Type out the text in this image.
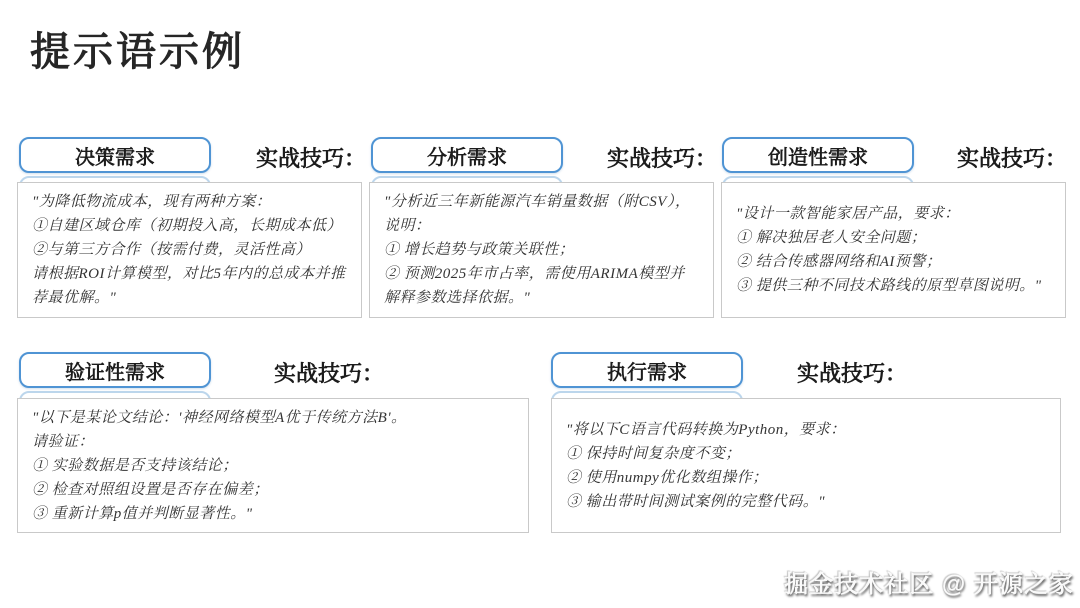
提示语示例
决策需求	实战技巧：

"为降低物流成本，现有两种方案：

①自建区域仓库（初期投入高，长期成本低）

②与第三方合作（按需付费，灵活性高）

请根据ROI计算模型，对比5年内的总成本并推荐最优解。"

分析需求	实战技巧：

"分析近三年新能源汽车销量数据（附CSV），说明：

① 增长趋势与政策关联性；

② 预测2025年市占率，需使用ARIMA模型并解释参数选择依据。"

创造性需求	实战技巧：

"设计一款智能家居产品，要求：

① 解决独居老人安全问题；

② 结合传感器网络和AI预警；

③ 提供三种不同技术路线的原型草图说明。"

验证性需求	实战技巧：

"以下是某论文结论：'神经网络模型A优于传统方法B'。

请验证：

① 实验数据是否支持该结论；

② 检查对照组设置是否存在偏差；

③ 重新计算p值并判断显著性。"

执行需求	实战技巧：

"将以下C语言代码转换为Python，要求：

① 保持时间复杂度不变；

② 使用numpy优化数组操作；

③ 输出带时间测试案例的完整代码。"

掘金技术社区 @ 开源之家
